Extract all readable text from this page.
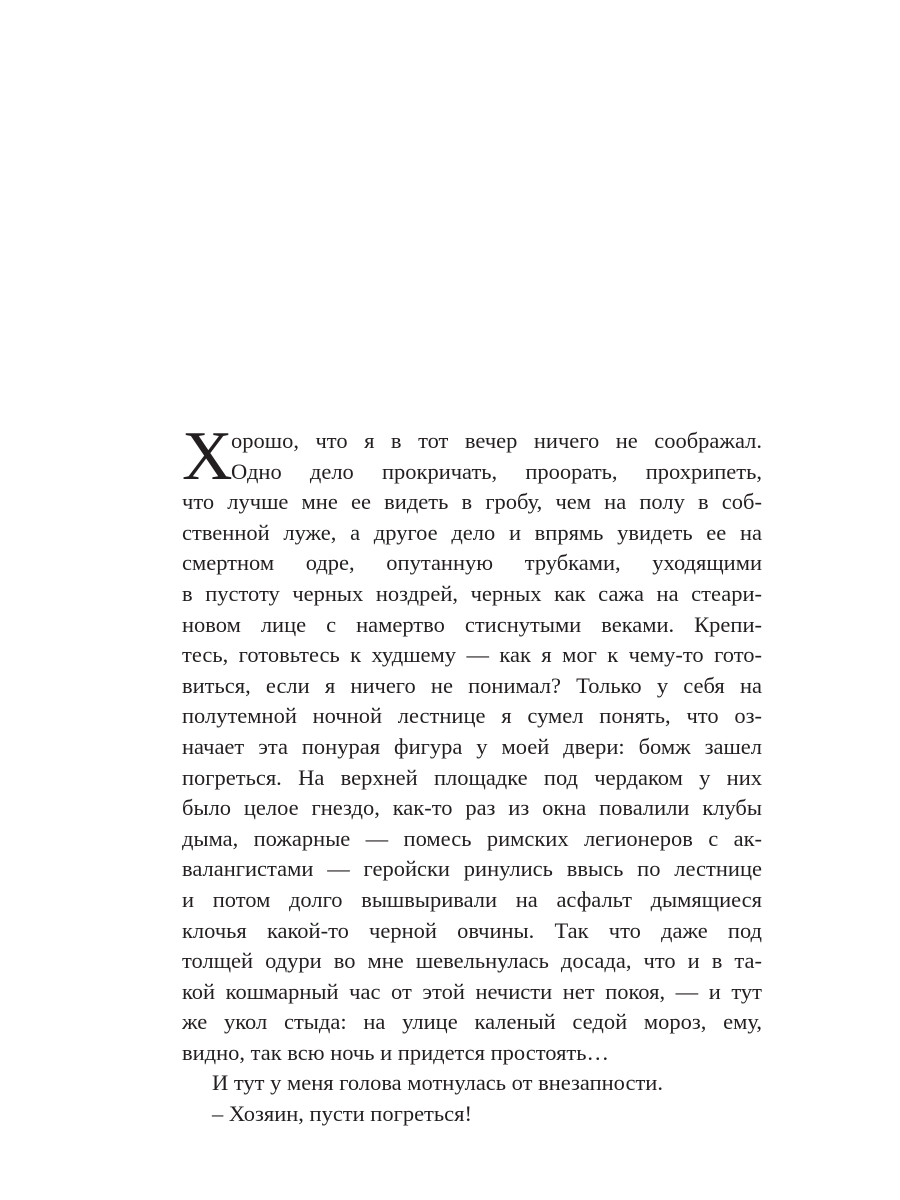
Х
орошо, что я в тот вечер ничего не соображал.
Одно дело прокричать, проорать, прохрипеть,
что лучше мне ее видеть в гробу, чем на полу в соб-
ственной луже, а другое дело и впрямь увидеть ее на
смертном одре, опутанную трубками, уходящими
в пустоту черных ноздрей, черных как сажа на стеари-
новом лице с намертво стиснутыми веками. Крепи-
тесь, готовьтесь к худшему — как я мог к чему-то гото-
виться, если я ничего не понимал? Только у себя на
полутемной ночной лестнице я сумел понять, что оз-
начает эта понурая фигура у моей двери: бомж зашел
погреться. На верхней площадке под чердаком у них
было целое гнездо, как-то раз из окна повалили клубы
дыма, пожарные — помесь римских легионеров с ак-
валангистами — геройски ринулись ввысь по лестнице
и потом долго вышвыривали на асфальт дымящиеся
клочья какой-то черной овчины. Так что даже под
толщей одури во мне шевельнулась досада, что и в та-
кой кошмарный час от этой нечисти нет покоя, — и тут
же укол стыда: на улице каленый седой мороз, ему,
видно, так всю ночь и придется простоять…
И тут у меня голова мотнулась от внезапности.
– Хозяин, пусти погреться!
